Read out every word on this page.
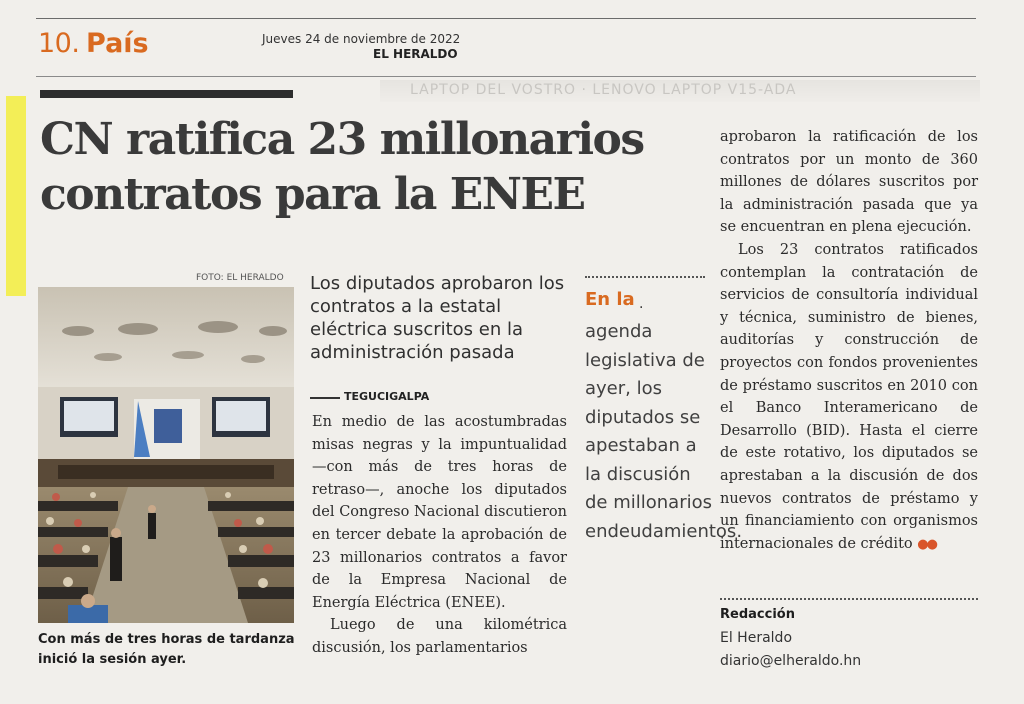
10. País	Jueves 24 de noviembre de 2022
EL HERALDO
LAPTOP DEL VOSTRO · LENOVO LAPTOP V15-ADA
CN ratifica 23 millonarios
contratos para la ENEE
FOTO: EL HERALDO
Con más de tres horas de tardanza inició la sesión ayer.
Los diputados aprobaron los contratos a la estatal eléctrica suscritos en la administración pasada
TEGUCIGALPA

En medio de las acostumbradas misas negras y la impuntualidad —con más de tres horas de retraso—, anoche los diputados del Congreso Nacional discutieron en tercer debate la aprobación de 23 millonarios contratos a favor de la Empresa Nacional de Energía Eléctrica (ENEE).

Luego de una kilométrica discusión, los parlamentarios

En la .
agenda legislativa de ayer, los diputados se apestaban a la discusión de millonarios endeudamientos.

aprobaron la ratificación de los contratos por un monto de 360 millones de dólares suscritos por la administración pasada que ya se encuentran en plena ejecución.

Los 23 contratos ratificados contemplan la contratación de servicios de consultoría individual y técnica, suministro de bienes, auditorías y construcción de proyectos con fondos provenientes de préstamo suscritos en 2010 con el Banco Interamericano de Desarrollo (BID). Hasta el cierre de este rotativo, los diputados se aprestaban a la discusión de dos nuevos contratos de préstamo y un financiamiento con organismos internacionales de crédito ●●

Redacción
El Heraldo
diario@elheraldo.hn
